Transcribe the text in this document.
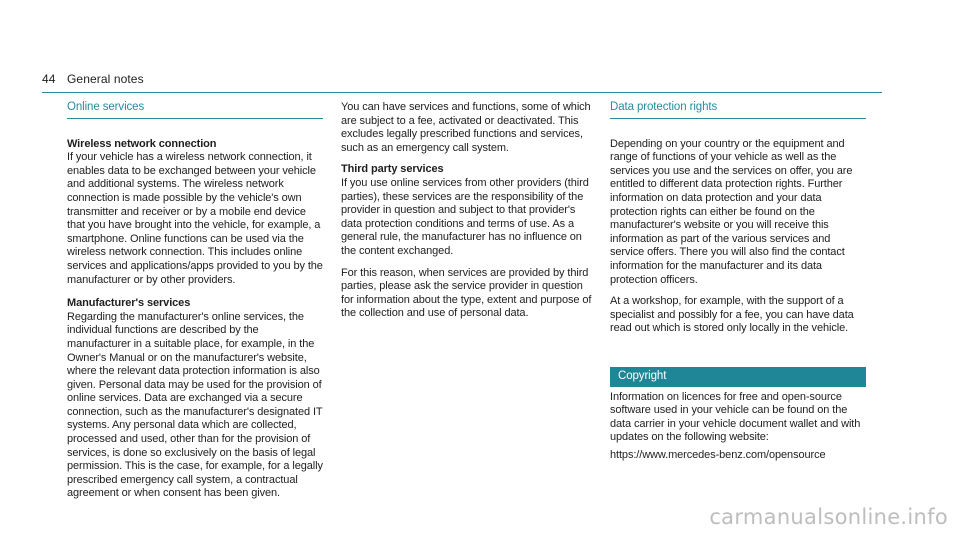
44 General notes
Online services
Wireless network connection

If your vehicle has a wireless network connection, it enables data to be exchanged between your vehicle and additional systems. The wireless network connection is made possible by the vehicle's own transmitter and receiver or by a mobile end device that you have brought into the vehicle, for example, a smartphone. Online functions can be used via the wireless network connection. This includes online services and applications/apps provided to you by the manufacturer or by other providers.

Manufacturer's services

Regarding the manufacturer's online services, the individual functions are described by the manufacturer in a suitable place, for example, in the Owner's Manual or on the manufacturer's website, where the relevant data protection information is also given. Personal data may be used for the provision of online services. Data are exchanged via a secure connection, such as the manufacturer's designated IT systems. Any personal data which are collected, processed and used, other than for the provision of services, is done so exclusively on the basis of legal permission. This is the case, for example, for a legally prescribed emergency call system, a contractual agreement or when consent has been given.

You can have services and functions, some of which are subject to a fee, activated or deactivated. This excludes legally prescribed functions and services, such as an emergency call system.

Third party services

If you use online services from other providers (third parties), these services are the responsibility of the provider in question and subject to that provider's data protection conditions and terms of use. As a general rule, the manufacturer has no influence on the content exchanged.

For this reason, when services are provided by third parties, please ask the service provider in question for information about the type, extent and purpose of the collection and use of personal data.

Data protection rights

Depending on your country or the equipment and range of functions of your vehicle as well as the services you use and the services on offer, you are entitled to different data protection rights. Further information on data protection and your data protection rights can either be found on the manufacturer's website or you will receive this information as part of the various services and service offers. There you will also find the contact information for the manufacturer and its data protection officers.

At a workshop, for example, with the support of a specialist and possibly for a fee, you can have data read out which is stored only locally in the vehicle.

Copyright

Information on licences for free and open-source software used in your vehicle can be found on the data carrier in your vehicle document wallet and with updates on the following website:

https://www.mercedes-benz.com/opensource

carmanualsonline.info
